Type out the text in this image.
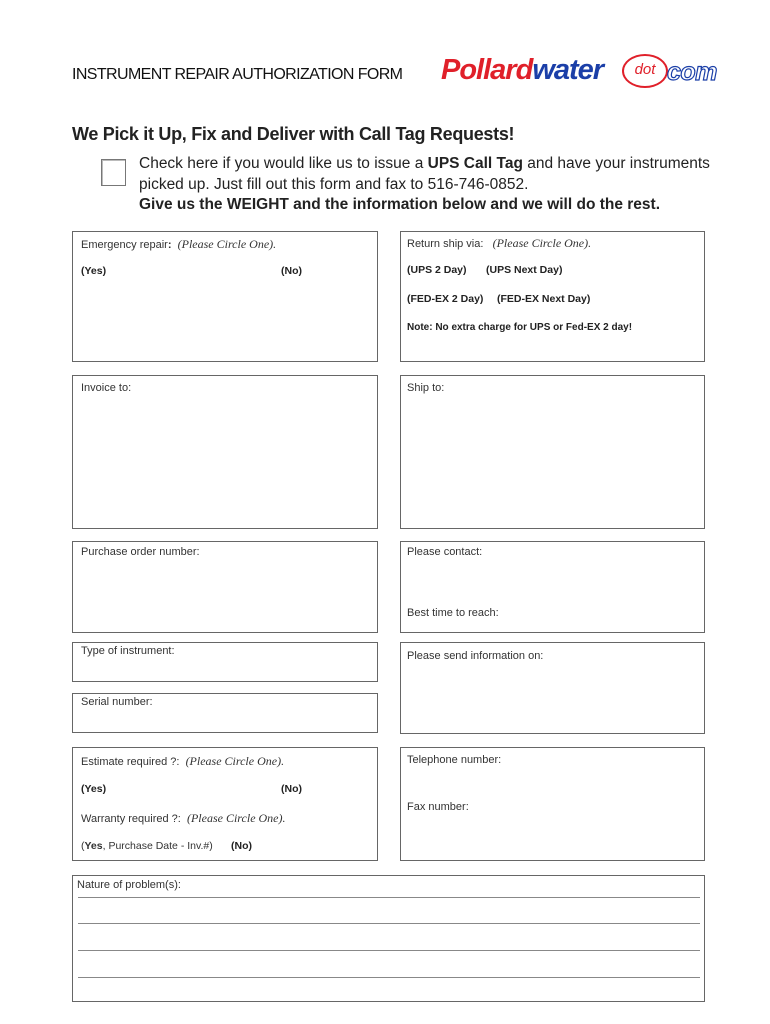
INSTRUMENT REPAIR AUTHORIZATION FORM Pollardwater	dot com
We Pick it Up, Fix and Deliver with Call Tag Requests!
Check here if you would like us to issue a UPS Call Tag and have your instruments
picked up. Just fill out this form and fax to 516-746-0852.
Give us the WEIGHT and the information below and we will do the rest.
Emergency repair: (Please Circle One).
(Yes)	(No)
Return ship via: (Please Circle One).
(UPS 2 Day) (UPS Next Day)
(FED-EX 2 Day) (FED-EX Next Day)
Note: No extra charge for UPS or Fed-EX 2 day!
Invoice to:	Ship to:
Purchase order number:	Please contact:
Best time to reach:
Type of instrument:	Please send information on:
Serial number:
Estimate required ?: (Please Circle One).
(Yes)	(No)
Warranty required ?: (Please Circle One).
(Yes, Purchase Date - Inv.#) (No)
Telephone number:
Fax number:
Nature of problem(s):
